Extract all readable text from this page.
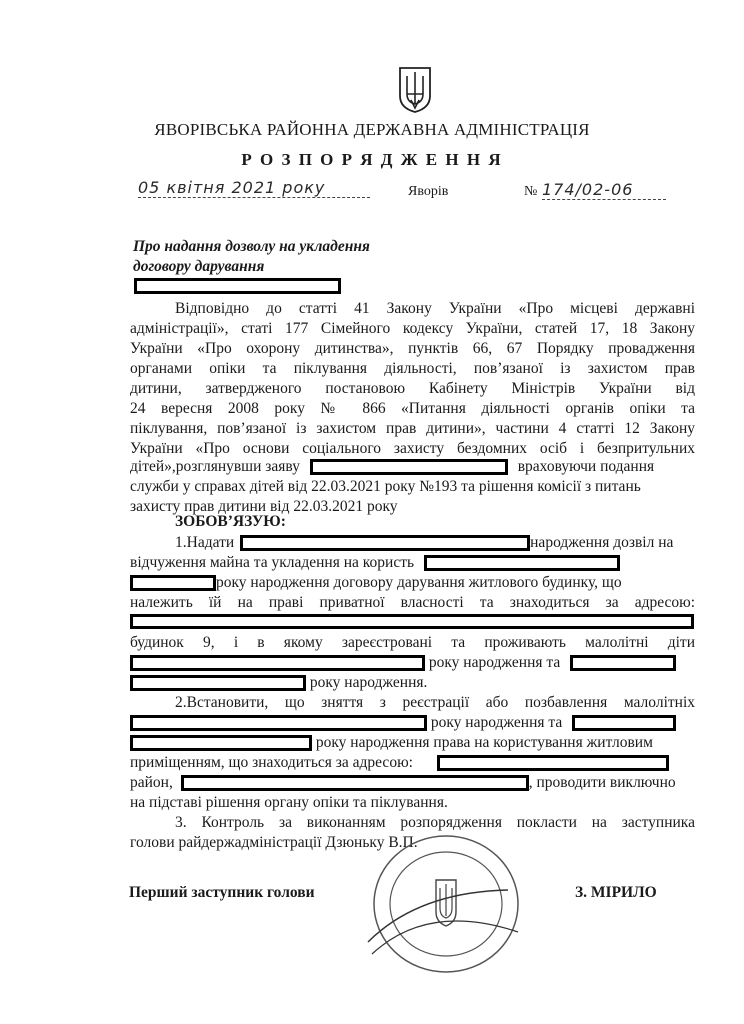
ЯВОРІВСЬКА РАЙОННА ДЕРЖАВНА АДМІНІСТРАЦІЯ
Р О З П О Р Я Д Ж Е Н Н Я
05 квітня 2021 року	Яворів	№ 174/02-06
Про надання дозволу на укладення
договору дарування
Відповідно до статті 41 Закону України «Про місцеві державні
адміністрації», статі 177 Сімейного кодексу України, статей 17, 18 Закону
України «Про охорону дитинства», пунктів 66, 67 Порядку провадження
органами опіки та піклування діяльності, пов’язаної із захистом прав
дитини, затвердженого постановою Кабінету Міністрів України від
24 вересня 2008 року № 866 «Питання діяльності органів опіки та
піклування, пов’язаної із захистом прав дитини», частини 4 статті 12 Закону
України «Про основи соціального захисту бездомних осіб і безпритульних
дітей»,розглянувши заяву	враховуючи подання
служби у справах дітей від 22.03.2021 року №193 та рішення комісії з питань
захисту прав дитини від 22.03.2021 року
ЗОБОВ’ЯЗУЮ:
1.Надати	народження дозвіл на
відчуження майна та укладення на користь
року народження договору дарування житлового будинку, що
належить їй на праві приватної власності та знаходиться за адресою:
будинок 9, і в якому зареєстровані та проживають малолітні діти
року народження та
року народження.
2.Встановити, що зняття з реєстрації або позбавлення малолітніх
року народження та
року народження права на користування житловим
приміщенням, що знаходиться за адресою:
район,	, проводити виключно
на підставі рішення органу опіки та піклування.
3. Контроль за виконанням розпорядження покласти на заступника
голови райдержадміністрації Дзюньку В.П.
Перший заступник голови	З. МІРИЛО
